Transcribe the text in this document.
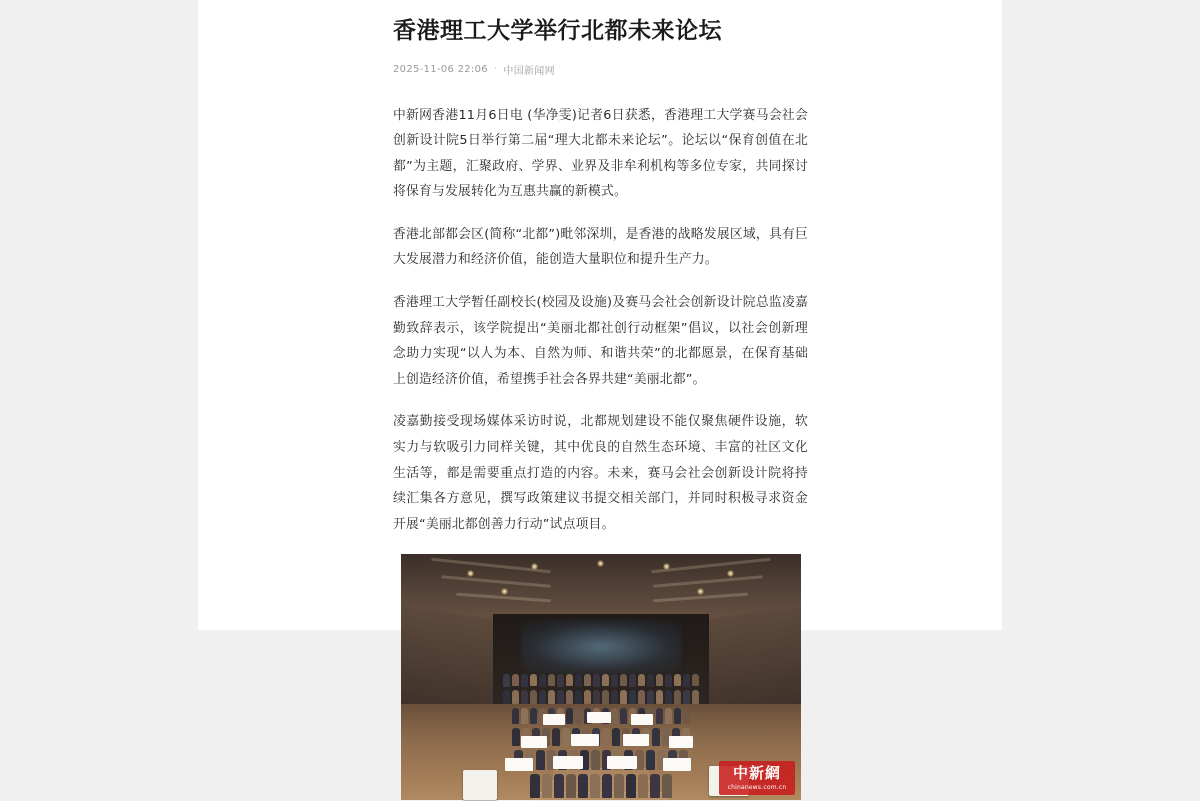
香港理工大学举行北都未来论坛
2025-11-06 22:06 · 中国新闻网

中新网香港11月6日电 (华净雯)记者6日获悉，香港理工大学赛马会社会创新设计院5日举行第二届“理大北都未来论坛”。论坛以“保育创值在北都”为主题，汇聚政府、学界、业界及非牟利机构等多位专家，共同探讨将保育与发展转化为互惠共赢的新模式。

香港北部都会区(简称“北都”)毗邻深圳，是香港的战略发展区域，具有巨大发展潜力和经济价值，能创造大量职位和提升生产力。

香港理工大学暂任副校长(校园及设施)及赛马会社会创新设计院总监凌嘉勤致辞表示，该学院提出“美丽北都社创行动框架”倡议，以社会创新理念助力实现“以人为本、自然为师、和谐共荣”的北都愿景，在保育基础上创造经济价值，希望携手社会各界共建“美丽北都”。

凌嘉勤接受现场媒体采访时说，北都规划建设不能仅聚焦硬件设施，软实力与软吸引力同样关键，其中优良的自然生态环境、丰富的社区文化生活等，都是需要重点打造的内容。未来，赛马会社会创新设计院将持续汇集各方意见，撰写政策建议书提交相关部门，并同时积极寻求资金开展“美丽北都创善力行动”试点项目。

中新網
chinanews.com.cn
